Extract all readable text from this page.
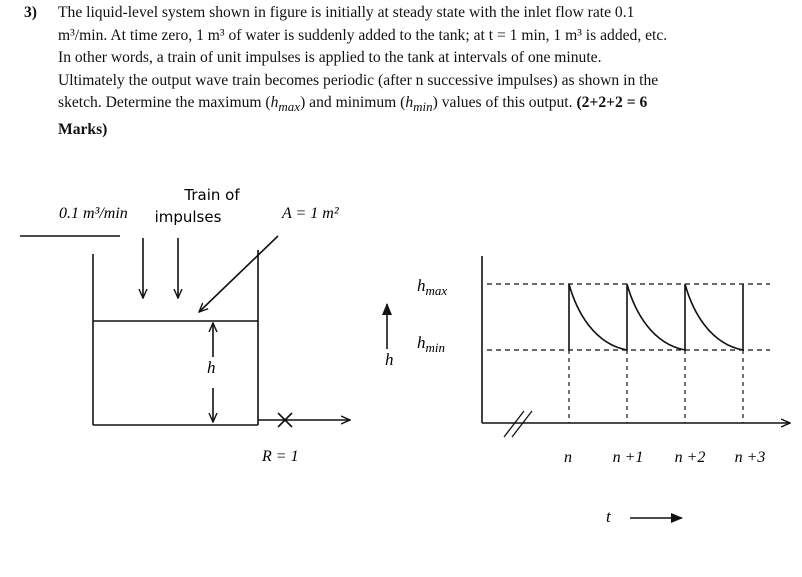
3) The liquid-level system shown in figure is initially at steady state with the inlet flow rate 0.1
m³/min. At time zero, 1 m³ of water is suddenly added to the tank; at t = 1 min, 1 m³ is added, etc.
In other words, a train of unit impulses is applied to the tank at intervals of one minute.
Ultimately the output wave train becomes periodic (after n successive impulses) as shown in the
sketch. Determine the maximum $(h_{max})$ and minimum $(h_{min})$ values of this output. (2+2+2 = 6
Marks)
Train of
impulses
0.1 m³/min	A = 1 m²
h
R = 1
$h_{max}$
$h_{min}$
h
n	n +1 n +2 n +3
t
